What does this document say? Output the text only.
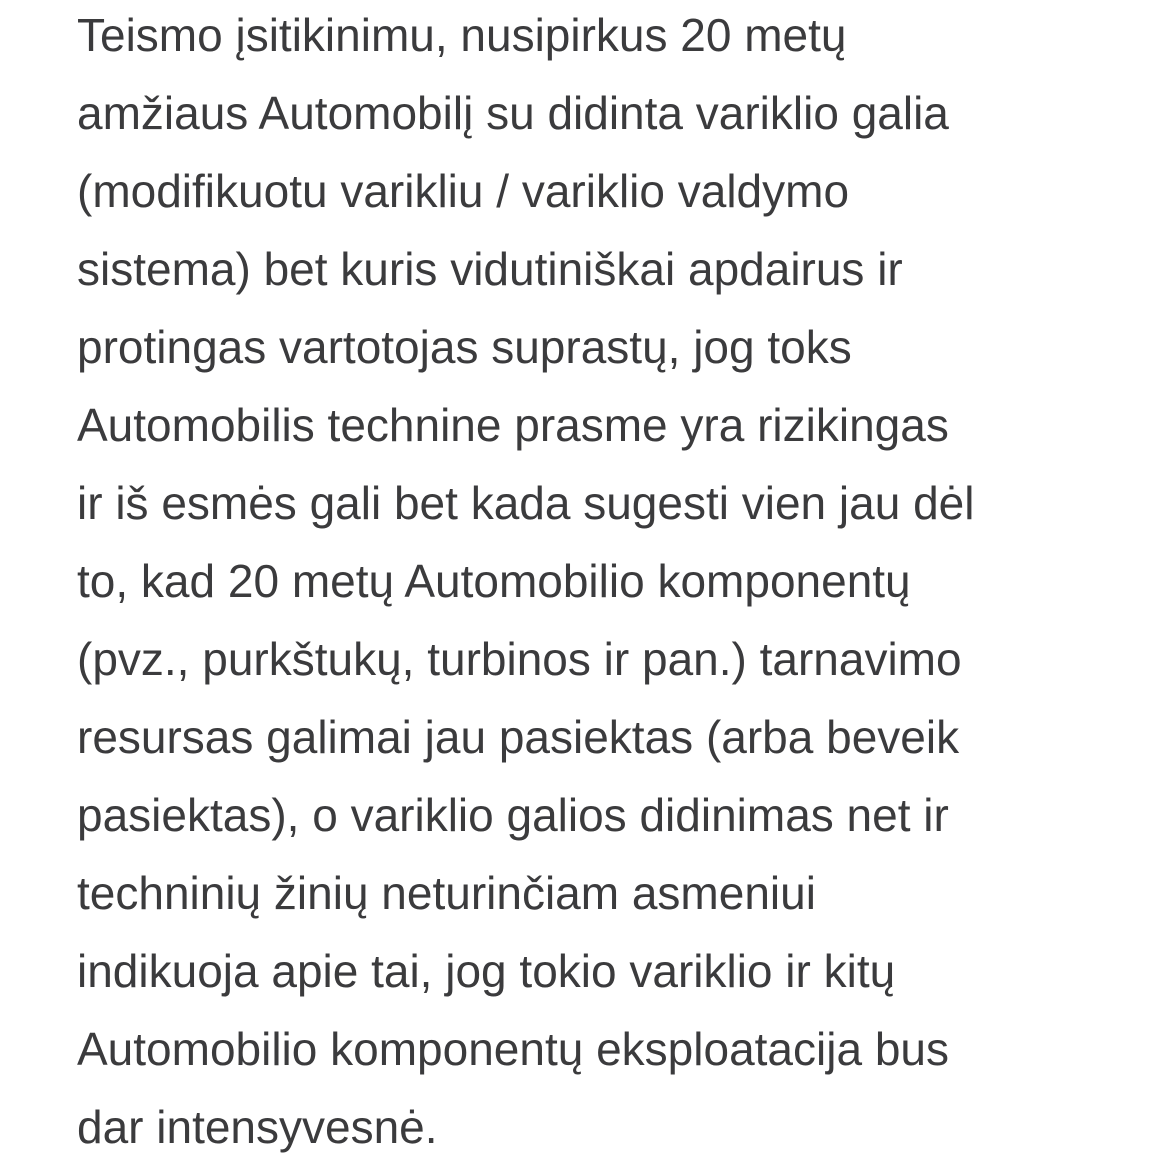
Teismo įsitikinimu, nusipirkus 20 metų
amžiaus Automobilį su didinta variklio galia
(modifikuotu varikliu / variklio valdymo
sistema) bet kuris vidutiniškai apdairus ir
protingas vartotojas suprastų, jog toks
Automobilis technine prasme yra rizikingas
ir iš esmės gali bet kada sugesti vien jau dėl
to, kad 20 metų Automobilio komponentų
(pvz., purkštukų, turbinos ir pan.) tarnavimo
resursas galimai jau pasiektas (arba beveik
pasiektas), o variklio galios didinimas net ir
techninių žinių neturinčiam asmeniui
indikuoja apie tai, jog tokio variklio ir kitų
Automobilio komponentų eksploatacija bus
dar intensyvesnė.
